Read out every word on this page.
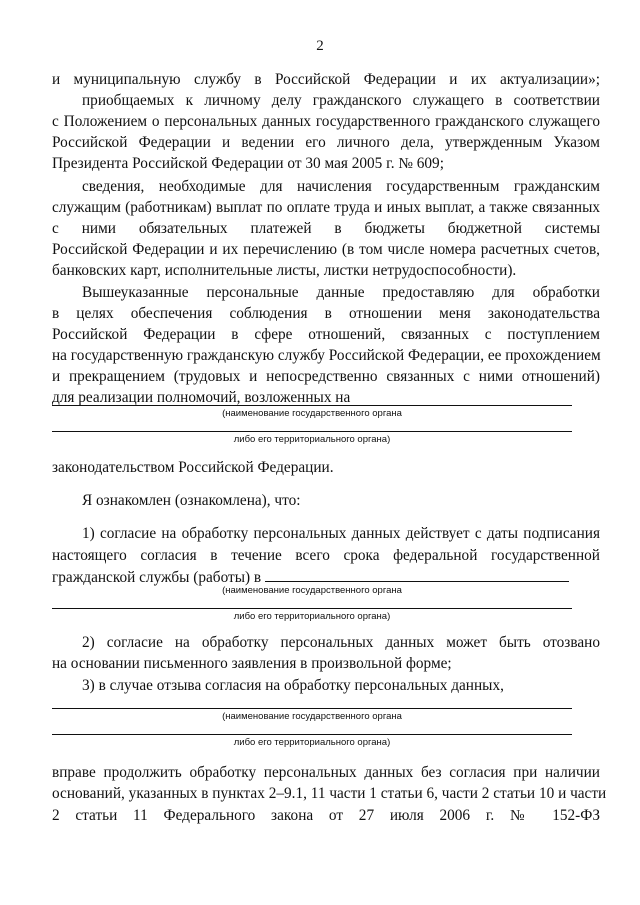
2
и муниципальную службу в Российской Федерации и их актуализации»;
приобщаемых к личному делу гражданского служащего в соответствии
с Положением о персональных данных государственного гражданского служащего
Российской Федерации и ведении его личного дела, утвержденным Указом
Президента Российской Федерации от 30 мая 2005 г. № 609;
сведения, необходимые для начисления государственным гражданским
служащим (работникам) выплат по оплате труда и иных выплат, а также связанных
с ними обязательных платежей в бюджеты бюджетной системы
Российской Федерации и их перечислению (в том числе номера расчетных счетов,
банковских карт, исполнительные листы, листки нетрудоспособности).
Вышеуказанные персональные данные предоставляю для обработки
в целях обеспечения соблюдения в отношении меня законодательства
Российской Федерации в сфере отношений, связанных с поступлением
на государственную гражданскую службу Российской Федерации, ее прохождением
и прекращением (трудовых и непосредственно связанных с ними отношений)
для реализации полномочий, возложенных на
(наименование государственного органа
либо его территориального органа)
законодательством Российской Федерации.
Я ознакомлен (ознакомлена), что:
1) согласие на обработку персональных данных действует с даты подписания
настоящего согласия в течение всего срока федеральной государственной
гражданской службы (работы) в
(наименование государственного органа
либо его территориального органа)
2) согласие на обработку персональных данных может быть отозвано
на основании письменного заявления в произвольной форме;
3) в случае отзыва согласия на обработку персональных данных,
(наименование государственного органа
либо его территориального органа)
вправе продолжить обработку персональных данных без согласия при наличии
оснований, указанных в пунктах 2–9.1, 11 части 1 статьи 6, части 2 статьи 10 и части
2 статьи 11 Федерального закона от 27 июля 2006 г. № 152-ФЗ
